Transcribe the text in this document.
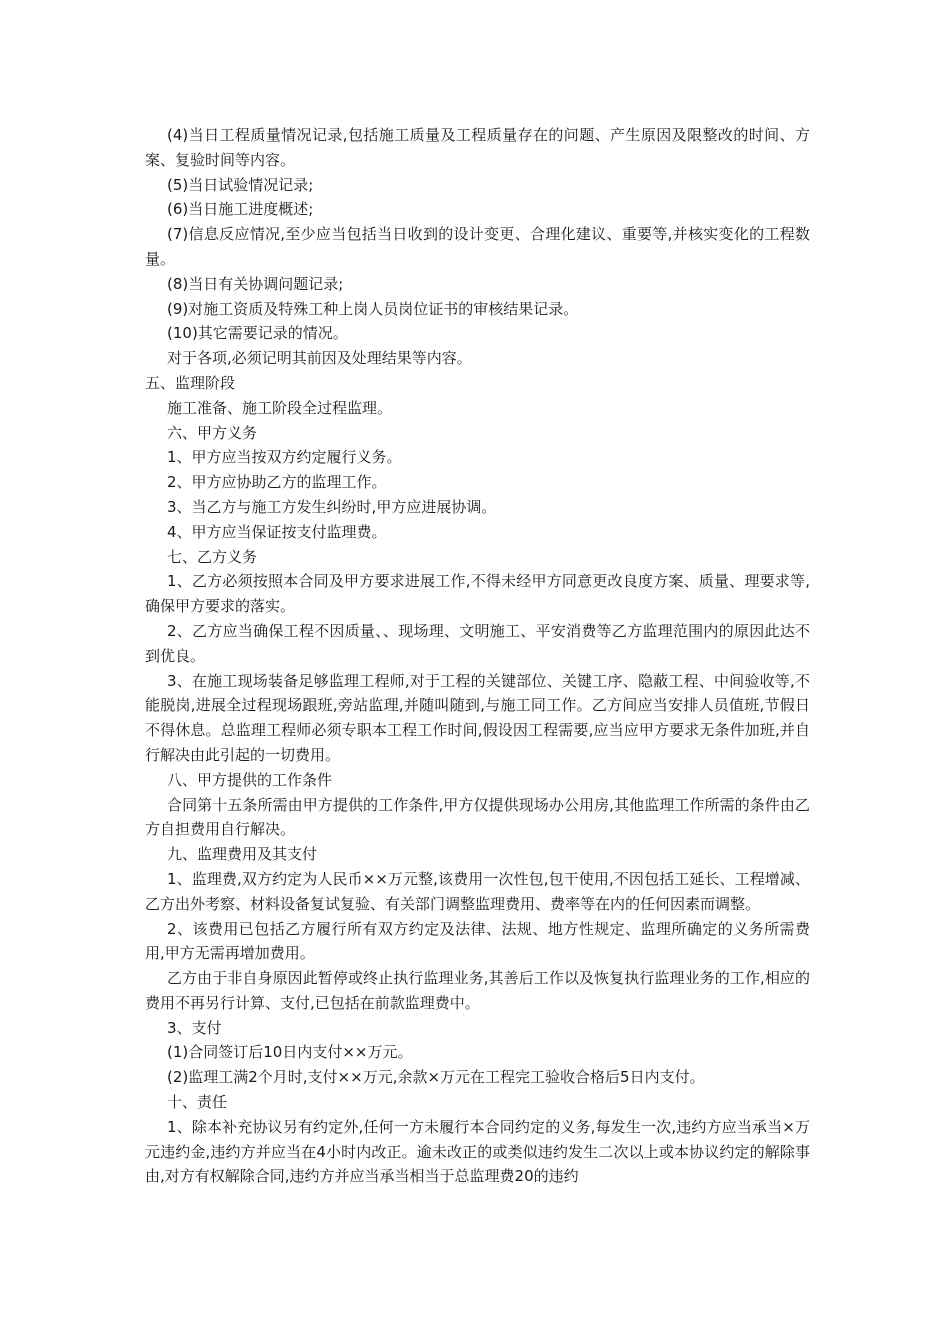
(4)当日工程质量情况记录,包括施工质量及工程质量存在的问题、产生原因及限整改的时间、方案、复验时间等内容。

(5)当日试验情况记录;

(6)当日施工进度概述;

(7)信息反应情况,至少应当包括当日收到的设计变更、合理化建议、重要等,并核实变化的工程数量。

(8)当日有关协调问题记录;

(9)对施工资质及特殊工种上岗人员岗位证书的审核结果记录。

(10)其它需要记录的情况。

对于各项,必须记明其前因及处理结果等内容。

五、监理阶段

施工准备、施工阶段全过程监理。

六、甲方义务

1、甲方应当按双方约定履行义务。

2、甲方应协助乙方的监理工作。

3、当乙方与施工方发生纠纷时,甲方应进展协调。

4、甲方应当保证按支付监理费。

七、乙方义务

1、乙方必须按照本合同及甲方要求进展工作,不得未经甲方同意更改良度方案、质量、理要求等,确保甲方要求的落实。

2、乙方应当确保工程不因质量、、现场理、文明施工、平安消费等乙方监理范围内的原因此达不到优良。

3、在施工现场装备足够监理工程师,对于工程的关键部位、关键工序、隐蔽工程、中间验收等,不能脱岗,进展全过程现场跟班,旁站监理,并随叫随到,与施工同工作。乙方间应当安排人员值班,节假日不得休息。总监理工程师必须专职本工程工作时间,假设因工程需要,应当应甲方要求无条件加班,并自行解决由此引起的一切费用。

八、甲方提供的工作条件

合同第十五条所需由甲方提供的工作条件,甲方仅提供现场办公用房,其他监理工作所需的条件由乙方自担费用自行解决。

九、监理费用及其支付

1、监理费,双方约定为人民币××万元整,该费用一次性包,包干使用,不因包括工延长、工程增减、乙方出外考察、材料设备复试复验、有关部门调整监理费用、费率等在内的任何因素而调整。

2、该费用已包括乙方履行所有双方约定及法律、法规、地方性规定、监理所确定的义务所需费用,甲方无需再增加费用。

乙方由于非自身原因此暂停或终止执行监理业务,其善后工作以及恢复执行监理业务的工作,相应的费用不再另行计算、支付,已包括在前款监理费中。

3、支付

(1)合同签订后10日内支付××万元。

(2)监理工满2个月时,支付××万元,余款×万元在工程完工验收合格后5日内支付。

十、责任

1、除本补充协议另有约定外,任何一方未履行本合同约定的义务,每发生一次,违约方应当承当×万元违约金,违约方并应当在4小时内改正。逾未改正的或类似违约发生二次以上或本协议约定的解除事由,对方有权解除合同,违约方并应当承当相当于总监理费20的违约
